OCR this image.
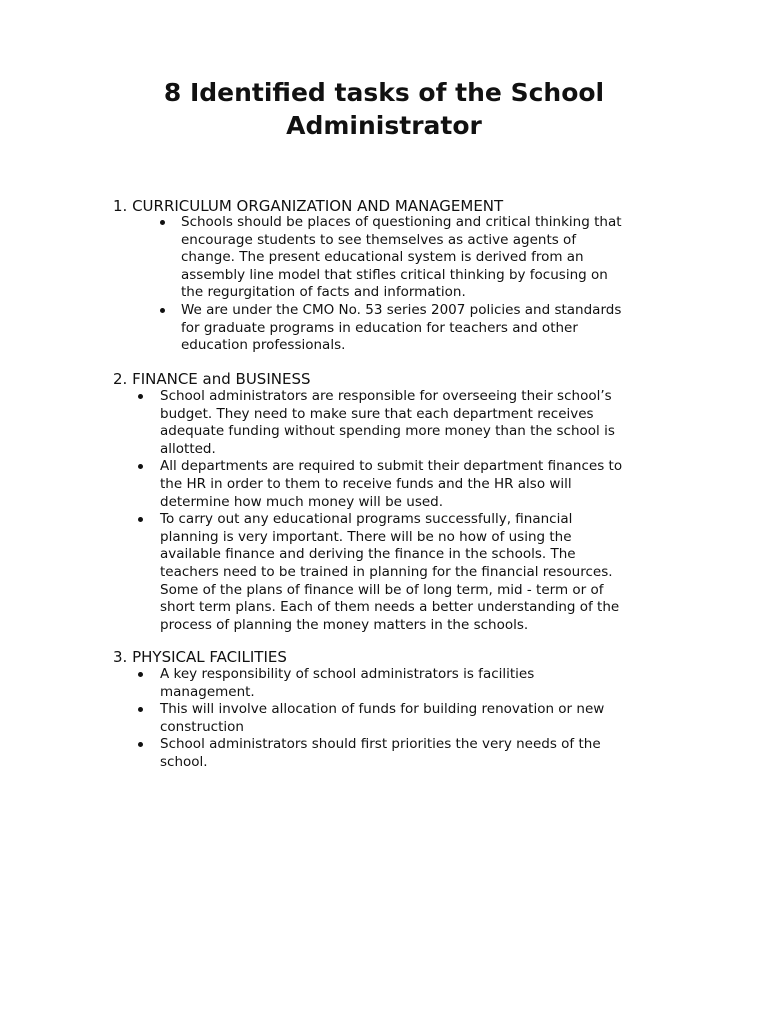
8 Identified tasks of the School
Administrator
1. CURRICULUM ORGANIZATION AND MANAGEMENT
Schools should be places of questioning and critical thinking that
encourage students to see themselves as active agents of
change. The present educational system is derived from an
assembly line model that stifles critical thinking by focusing on
the regurgitation of facts and information.
We are under the CMO No. 53 series 2007 policies and standards
for graduate programs in education for teachers and other
education professionals.
2. FINANCE and BUSINESS
School administrators are responsible for overseeing their school’s
budget. They need to make sure that each department receives
adequate funding without spending more money than the school is
allotted.
All departments are required to submit their department finances to
the HR in order to them to receive funds and the HR also will
determine how much money will be used.
To carry out any educational programs successfully, financial
planning is very important. There will be no how of using the
available finance and deriving the finance in the schools. The
teachers need to be trained in planning for the financial resources.
Some of the plans of finance will be of long term, mid - term or of
short term plans. Each of them needs a better understanding of the
process of planning the money matters in the schools.
3. PHYSICAL FACILITIES
A key responsibility of school administrators is facilities
management.
This will involve allocation of funds for building renovation or new
construction
School administrators should first priorities the very needs of the
school.
